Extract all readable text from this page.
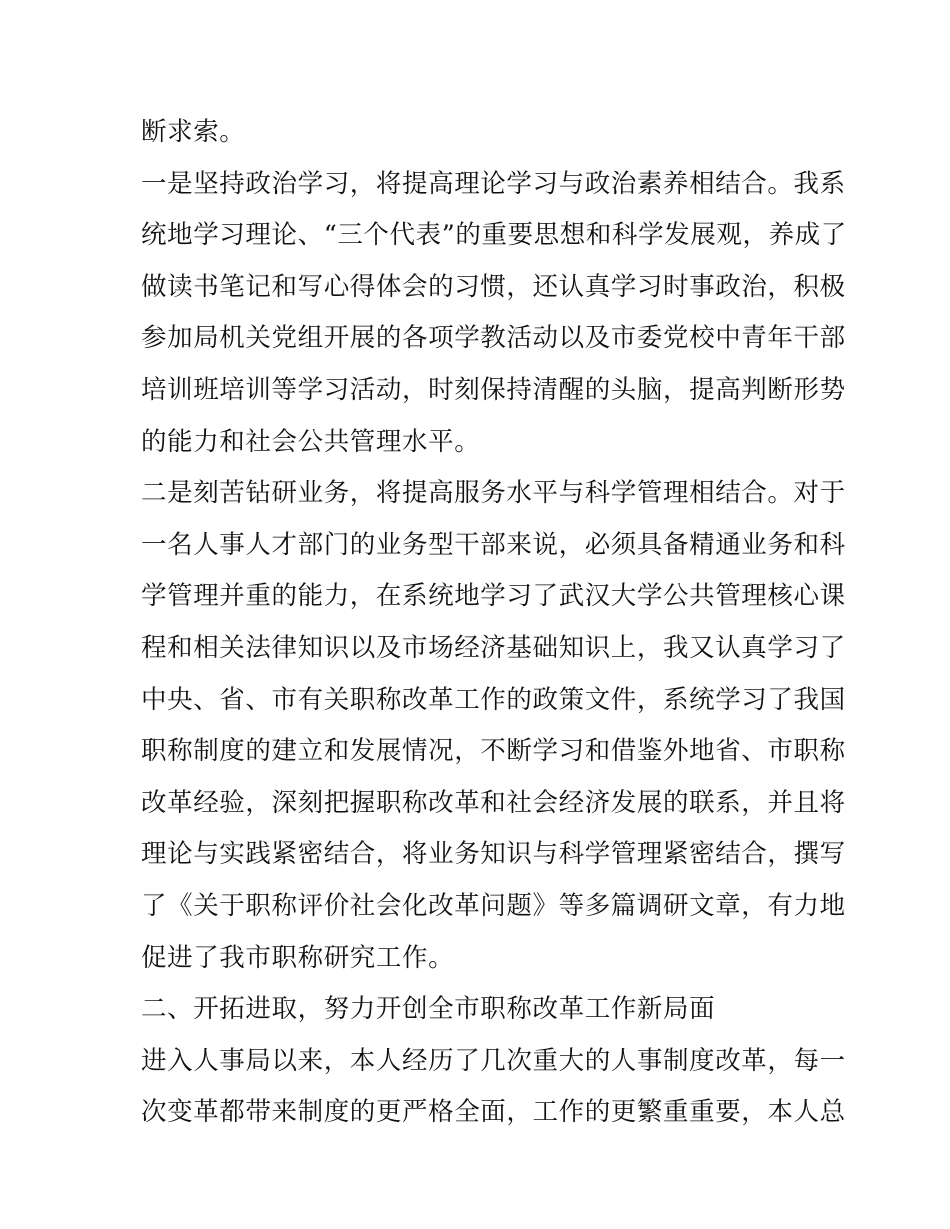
断求索。
一是坚持政治学习，将提高理论学习与政治素养相结合。我系
统地学习理论、“三个代表”的重要思想和科学发展观，养成了
做读书笔记和写心得体会的习惯，还认真学习时事政治，积极
参加局机关党组开展的各项学教活动以及市委党校中青年干部
培训班培训等学习活动，时刻保持清醒的头脑，提高判断形势
的能力和社会公共管理水平。
二是刻苦钻研业务，将提高服务水平与科学管理相结合。对于
一名人事人才部门的业务型干部来说，必须具备精通业务和科
学管理并重的能力，在系统地学习了武汉大学公共管理核心课
程和相关法律知识以及市场经济基础知识上，我又认真学习了
中央、省、市有关职称改革工作的政策文件，系统学习了我国
职称制度的建立和发展情况，不断学习和借鉴外地省、市职称
改革经验，深刻把握职称改革和社会经济发展的联系，并且将
理论与实践紧密结合，将业务知识与科学管理紧密结合，撰写
了《关于职称评价社会化改革问题》等多篇调研文章，有力地
促进了我市职称研究工作。
二、开拓进取，努力开创全市职称改革工作新局面
进入人事局以来，本人经历了几次重大的人事制度改革，每一
次变革都带来制度的更严格全面，工作的更繁重重要，本人总
